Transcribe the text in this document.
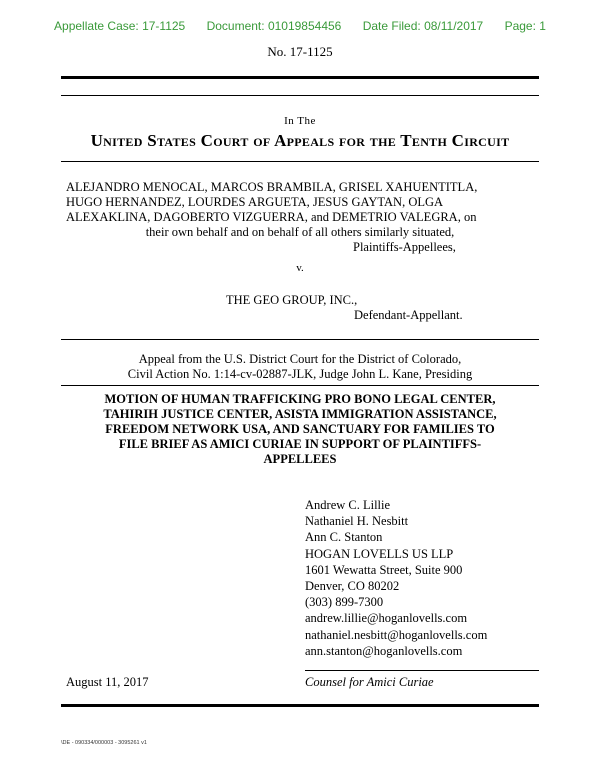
Appellate Case: 17-1125 Document: 01019854456 Date Filed: 08/11/2017 Page: 1
No. 17-1125
In The
United States Court of Appeals for the Tenth Circuit
ALEJANDRO MENOCAL, MARCOS BRAMBILA, GRISEL XAHUENTITLA,
HUGO HERNANDEZ, LOURDES ARGUETA, JESUS GAYTAN, OLGA
ALEXAKLINA, DAGOBERTO VIZGUERRA, and DEMETRIO VALEGRA, on
their own behalf and on behalf of all others similarly situated,
Plaintiffs-Appellees,
v.
THE GEO GROUP, INC.,
Defendant-Appellant.
Appeal from the U.S. District Court for the District of Colorado,
Civil Action No. 1:14-cv-02887-JLK, Judge John L. Kane, Presiding
MOTION OF HUMAN TRAFFICKING PRO BONO LEGAL CENTER,
TAHIRIH JUSTICE CENTER, ASISTA IMMIGRATION ASSISTANCE,
FREEDOM NETWORK USA, AND SANCTUARY FOR FAMILIES TO
FILE BRIEF AS AMICI CURIAE IN SUPPORT OF PLAINTIFFS-
APPELLEES
Andrew C. Lillie
Nathaniel H. Nesbitt
Ann C. Stanton
HOGAN LOVELLS US LLP
1601 Wewatta Street, Suite 900
Denver, CO 80202
(303) 899-7300
andrew.lillie@hoganlovells.com
nathaniel.nesbitt@hoganlovells.com
ann.stanton@hoganlovells.com
August 11, 2017	Counsel for Amici Curiae
\DE - 090334/000003 - 3095261 v1
